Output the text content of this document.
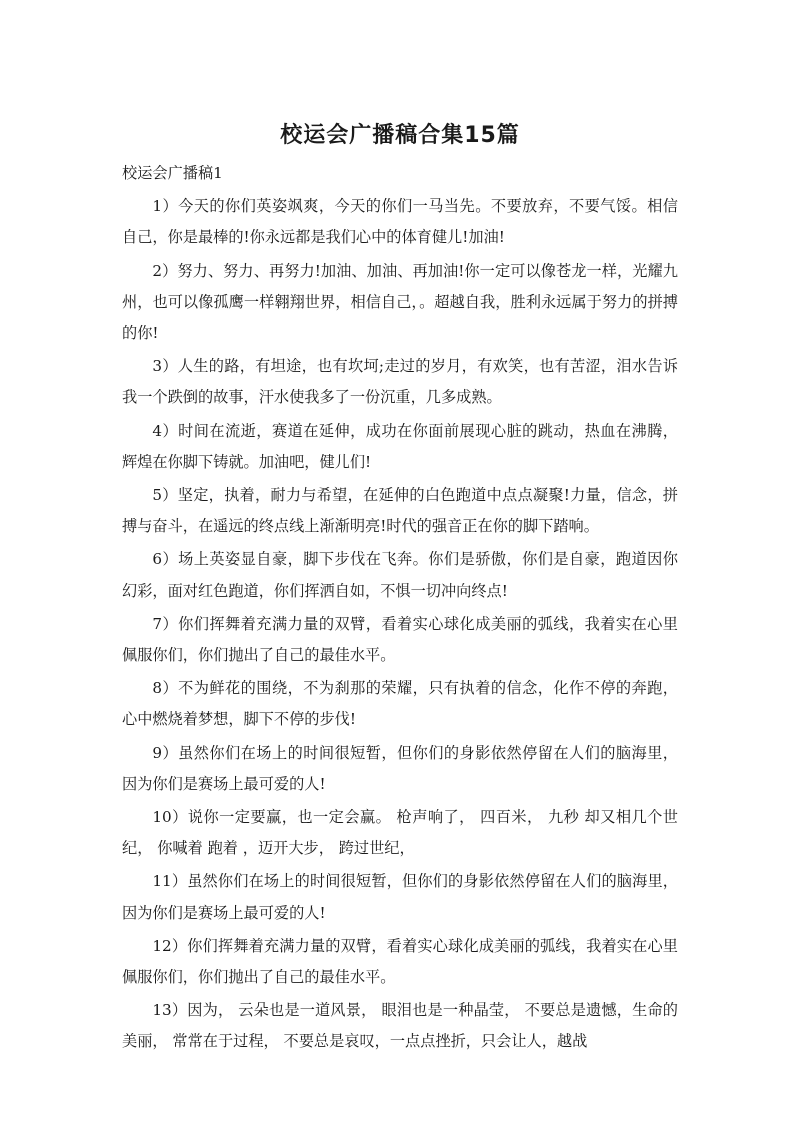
校运会广播稿合集15篇

校运会广播稿1

1）今天的你们英姿飒爽，今天的你们一马当先。不要放弃，不要气馁。相信自己，你是最棒的!你永远都是我们心中的体育健儿!加油!

2）努力、努力、再努力!加油、加油、再加油!你一定可以像苍龙一样，光耀九州，也可以像孤鹰一样翱翔世界，相信自己，。超越自我，胜利永远属于努力的拼搏的你!

3）人生的路，有坦途，也有坎坷;走过的岁月，有欢笑，也有苦涩，泪水告诉我一个跌倒的故事，汗水使我多了一份沉重，几多成熟。

4）时间在流逝，赛道在延伸，成功在你面前展现心脏的跳动，热血在沸腾，辉煌在你脚下铸就。加油吧，健儿们!

5）坚定，执着，耐力与希望，在延伸的白色跑道中点点凝聚!力量，信念，拼搏与奋斗，在遥远的终点线上渐渐明亮!时代的强音正在你的脚下踏响。

6）场上英姿显自豪，脚下步伐在飞奔。你们是骄傲，你们是自豪，跑道因你幻彩，面对红色跑道，你们挥洒自如，不惧一切冲向终点!

7）你们挥舞着充满力量的双臂，看着实心球化成美丽的弧线，我着实在心里佩服你们，你们抛出了自己的最佳水平。

8）不为鲜花的围绕，不为刹那的荣耀，只有执着的信念，化作不停的奔跑，心中燃烧着梦想，脚下不停的步伐!

9）虽然你们在场上的时间很短暂，但你们的身影依然停留在人们的脑海里，因为你们是赛场上最可爱的人!

10）说你一定要赢，也一定会赢。 枪声响了， 四百米， 九秒 却又相几个世纪， 你喊着 跑着 ，迈开大步， 跨过世纪，

11）虽然你们在场上的时间很短暂，但你们的身影依然停留在人们的脑海里，因为你们是赛场上最可爱的人!

12）你们挥舞着充满力量的双臂，看着实心球化成美丽的弧线，我着实在心里佩服你们，你们抛出了自己的最佳水平。

13）因为， 云朵也是一道风景， 眼泪也是一种晶莹， 不要总是遗憾，生命的美丽， 常常在于过程， 不要总是哀叹，一点点挫折，只会让人，越战
